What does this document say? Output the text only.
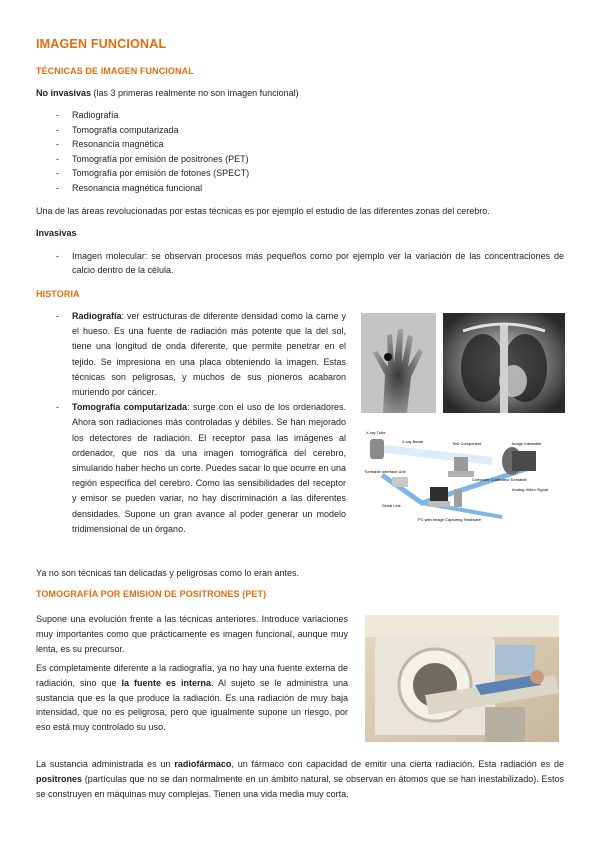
IMAGEN FUNCIONAL
TÉCNICAS DE IMAGEN FUNCIONAL
No invasivas (las 3 primeras realmente no son imagen funcional)
- Radiografía
- Tomografía computarizada
- Resonancia magnética
- Tomografía por emisión de positrones (PET)
- Tomografía por emisión de fotones (SPECT)
- Resonancia magnética funcional
Una de las áreas revolucionadas por estas técnicas es por ejemplo el estudio de las diferentes zonas del cerebro.
Invasivas
- Imagen molecular: se observan procesos más pequeños como por ejemplo ver la variación de las concentraciones de calcio dentro de la célula.
HISTORIA
- Radiografía: ver estructuras de diferente densidad como la carne y el hueso. Es una fuente de radiación más potente que la del sol, tiene una longitud de onda diferente, que permite penetrar en el tejido. Se impresiona en una placa obteniendo la imagen. Estas técnicas son peligrosas, y muchos de sus pioneros acabaron muriendo por cáncer.
- Tomografía computarizada: surge con el uso de los ordenadores. Ahora son radiaciones más controladas y débiles. Se han mejorado los detectores de radiación. El receptor pasa las imágenes al ordenador, que nos da una imagen tomográfica del cerebro, simulando haber hecho un corte. Puedes sacar lo que ocurre en una región específica del cerebro. Como las sensibilidades del receptor y emisor se pueden variar, no hay discriminación a las diferentes densidades. Supone un gran avance al poder generar un modelo tridimensional de un órgano.
X-ray Tube
X-ray Beam	Test Component	Image Intensifier
Turntable Interface Unit
Computer Controlled Turntable
Analog Video Signal
Serial Link
PC with Image Capturing Hardware
Ya no son técnicas tan delicadas y peligrosas como lo eran antes.
TOMOGRAFÍA POR EMISION DE POSITRONES (PET)
Supone una evolución frente a las técnicas anteriores. Introduce variaciones muy importantes como que prácticamente es imagen funcional, aunque muy lenta, es su precursor.
Es completamente diferente a la radiografía, ya no hay una fuente externa de radiación, sino que la fuente es interna. Al sujeto se le administra una sustancia que es la que produce la radiación. Es una radiación de muy baja intensidad, que no es peligrosa, pero que igualmente supone un riesgo, por eso está muy controlado su uso.
La sustancia administrada es un radiofármaco, un fármaco con capacidad de emitir una cierta radiación. Esta radiación es de positrones (partículas que no se dan normalmente en un ámbito natural, se observan en átomos que se han inestabilizado). Estos se construyen en máquinas muy complejas. Tienen una vida media muy corta.
